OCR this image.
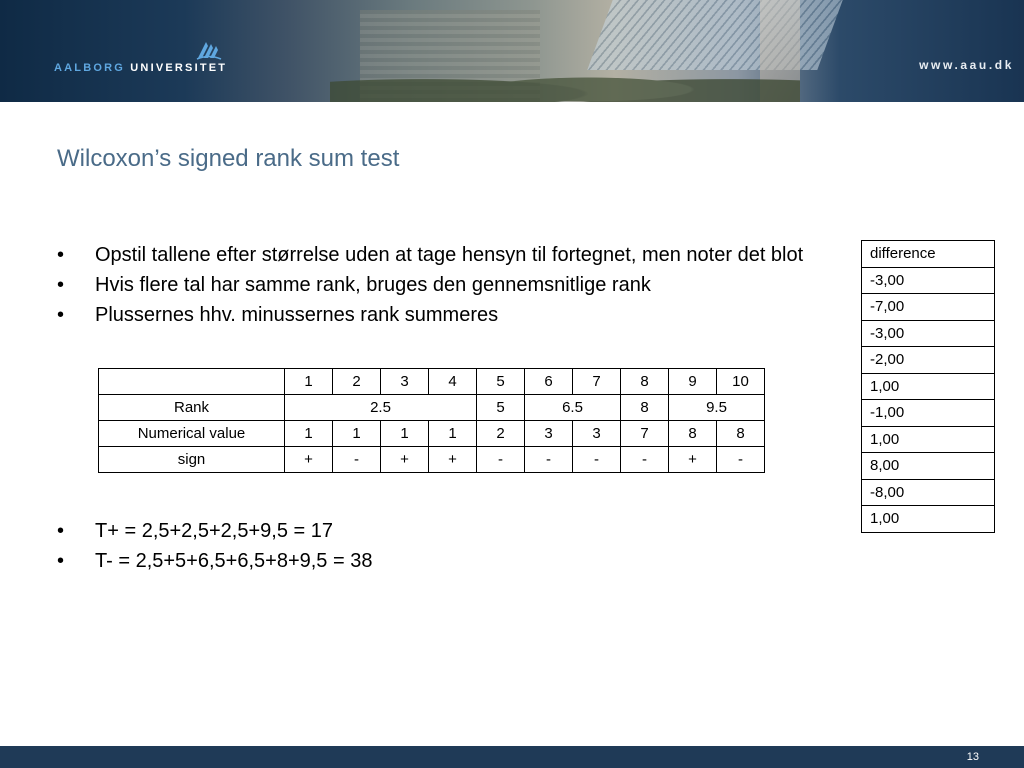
AALBORG UNIVERSITET	www.aau.dk
Wilcoxon’s signed rank sum test
• Opstil tallene efter størrelse uden at tage hensyn til fortegnet, men noter det blot
• Hvis flere tal har samme rank, bruges den gennemsnitlige rank
• Plussernes hhv. minussernes rank summeres
	1	2	3	4	5	6	7	8	9	10
Rank	2.5				5	6.5		8	9.5	
Numerical value	1	1	1	1	2	3	3	7	8	8
sign	+	-	+	+	-	-	-	-	+	-
• T+ = 2,5+2,5+2,5+9,5 = 17
• T- = 2,5+5+6,5+6,5+8+9,5 = 38
difference
-3,00
-7,00
-3,00
-2,00
1,00
-1,00
1,00
8,00
-8,00
1,00
13
